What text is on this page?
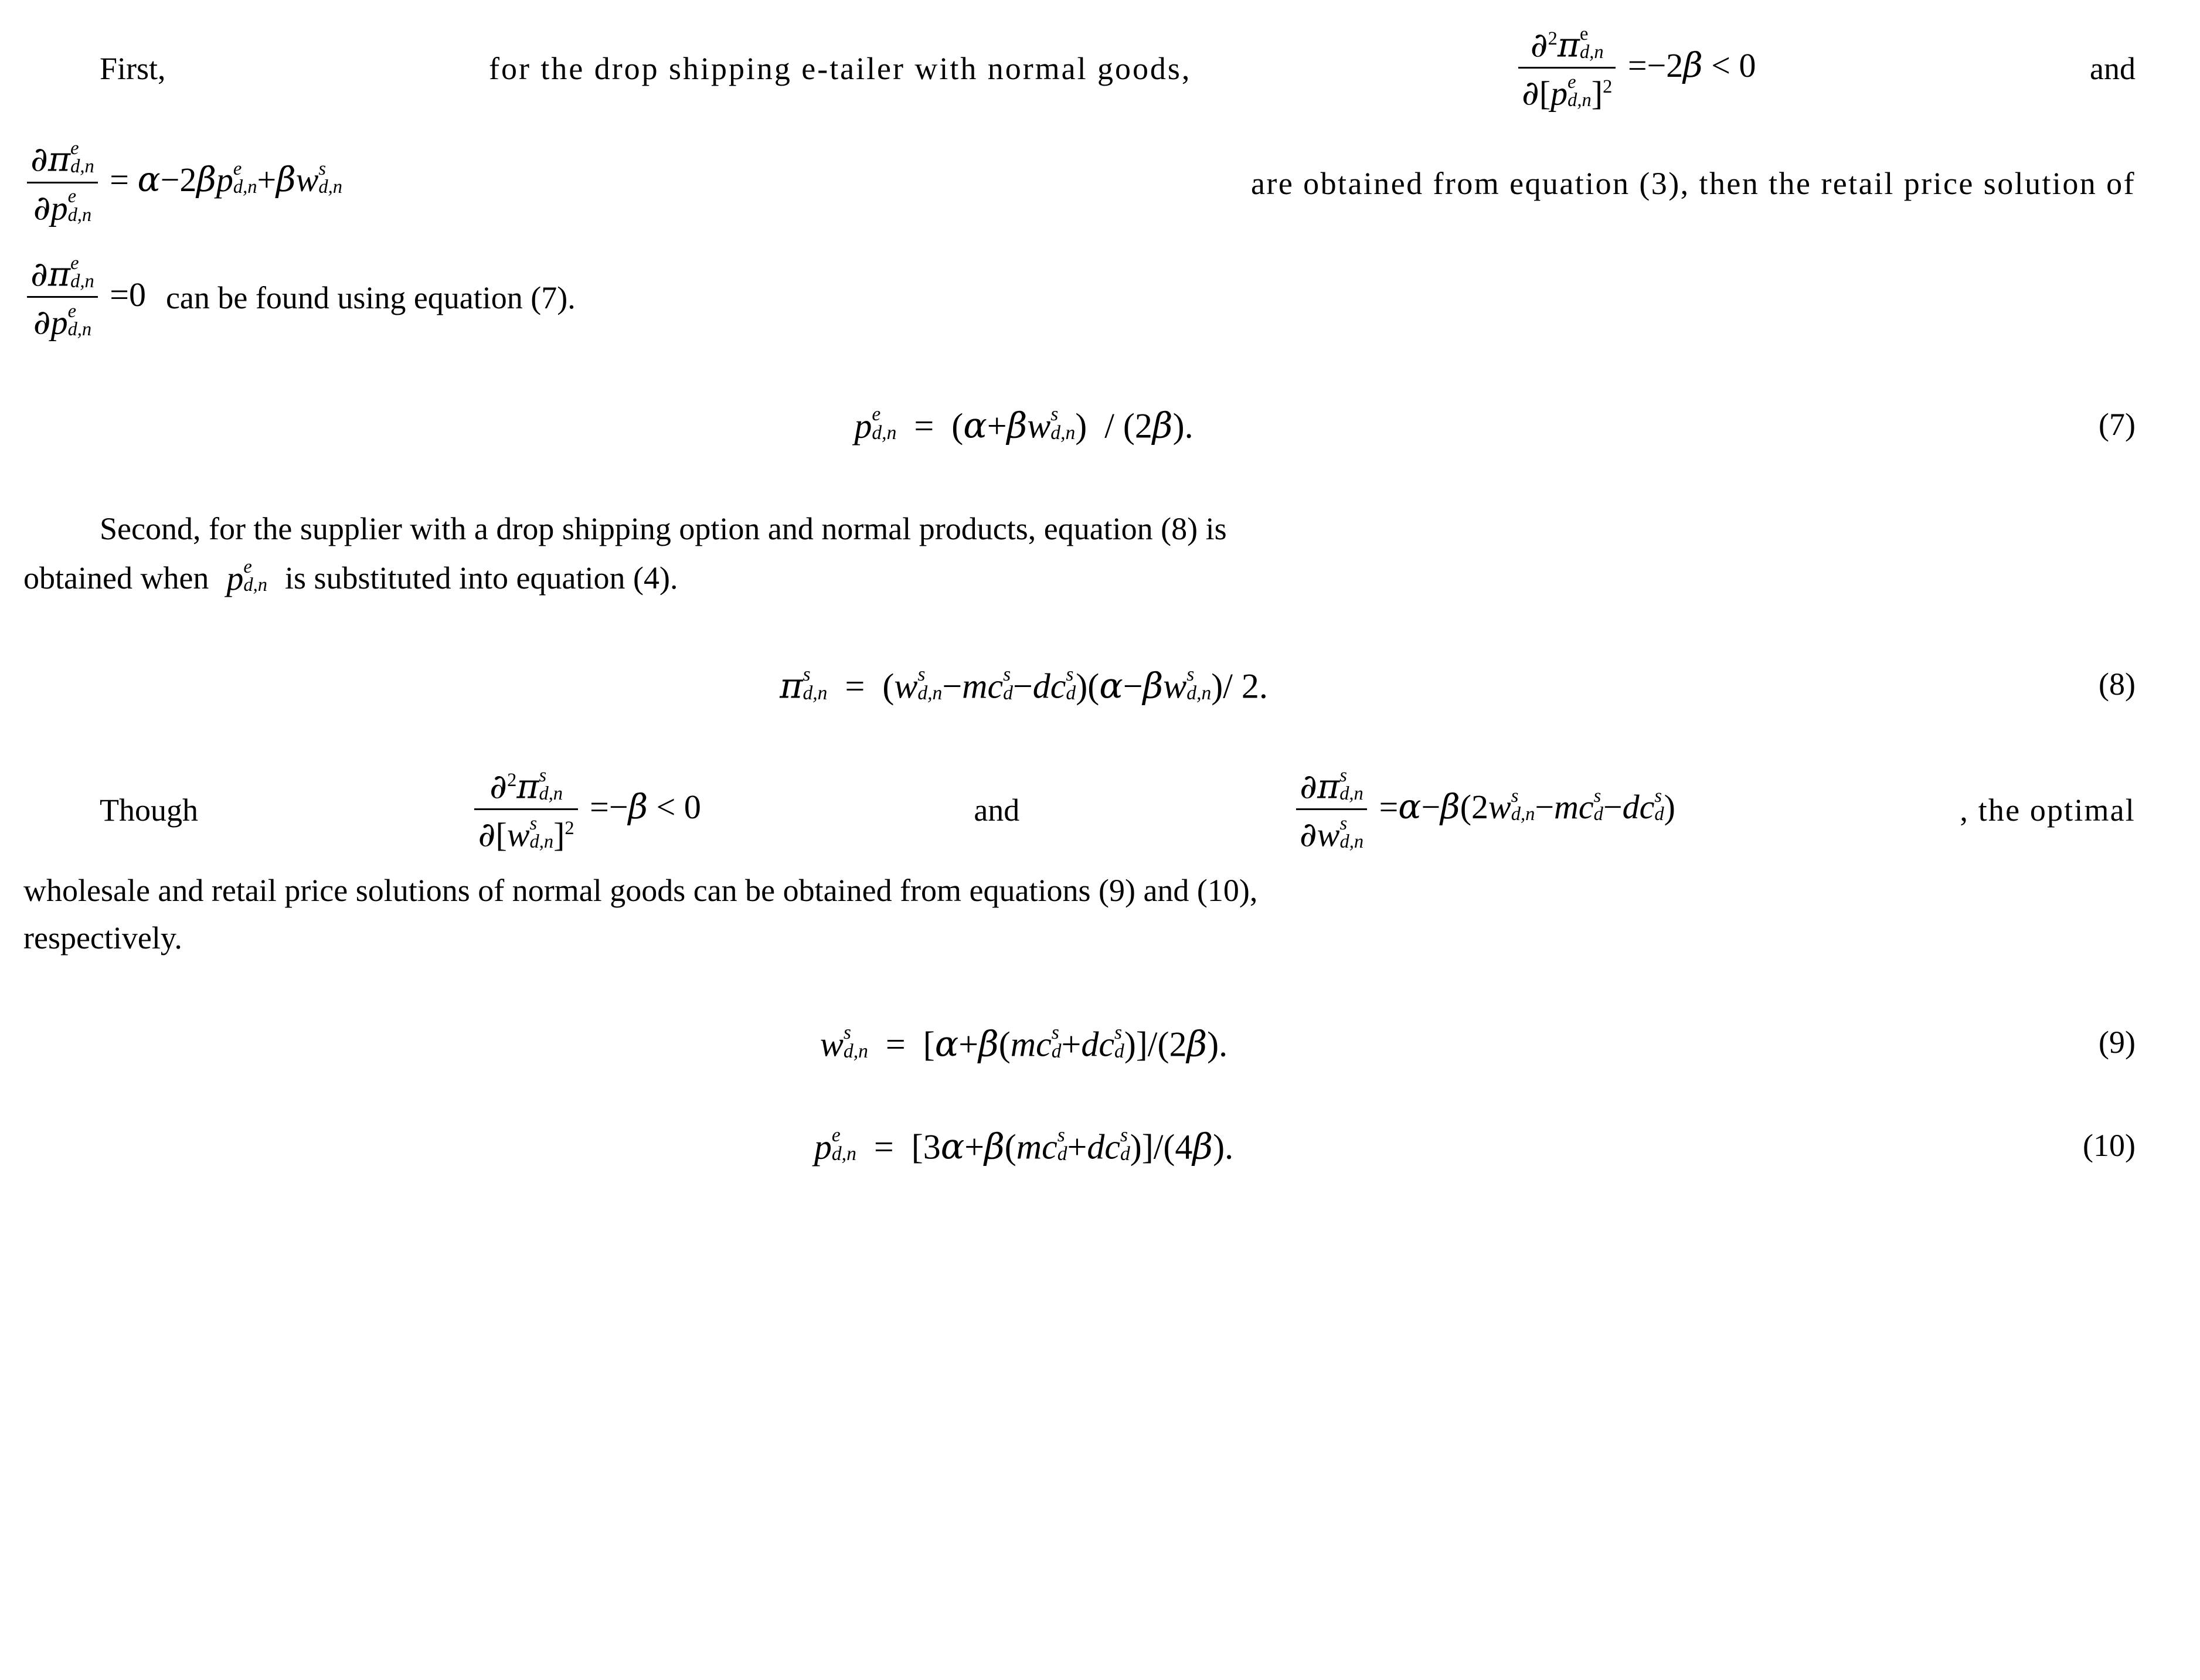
First,	for the drop shipping e-tailer with normal goods,	∂$^2$π e
d,n
∂[p e
d,n ]$^2$ =−2β < 0	and
∂π e
d,n
∂p e
d,n = α−2βp e
d,n +βw s
d,n	are obtained from equation (3), then the retail price solution of
∂π e
d,n
∂p e
d,n =0 can be found using equation (7).
p e
d,n =  (α+βw s
d,n )  / (2β).	(7)
Second, for the supplier with a drop shipping option and normal products, equation (8) is
obtained when p e
d,n is substituted into equation (4).
π s
d,n =  (w s
d,n −mc s
d −dc s
d )(α−βw s
d,n )/ 2.	(8)
Though	∂$^2$π s
d,n
∂[w s
d,n ]$^2$ =−β < 0	and	∂π s
d,n
∂w s
d,n =α−β(2w s
d,n −mc s
d −dc s
d )	, the optimal
wholesale and retail price solutions of normal goods can be obtained from equations (9) and (10),
respectively.
w s
d,n =  [α+β(mc s
d +dc s
d )]/(2β).	(9)
p e
d,n =  [3α+β(mc s
d +dc s
d )]/(4β).	(10)
